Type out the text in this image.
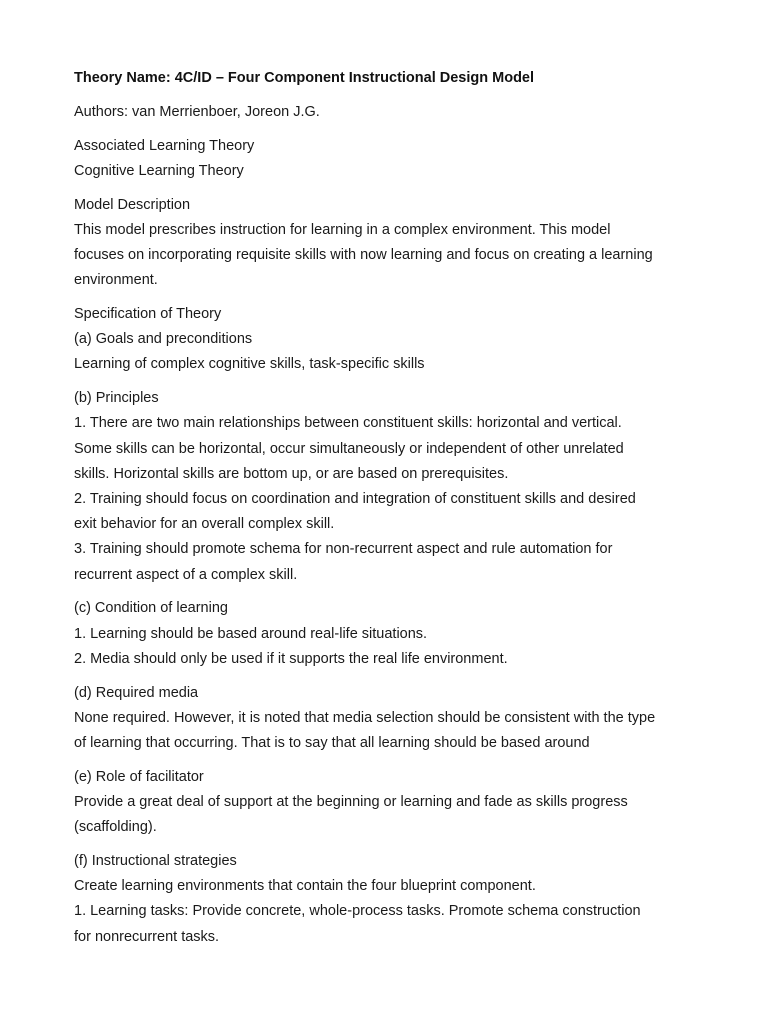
Theory Name: 4C/ID – Four Component Instructional Design Model
Authors: van Merrienboer, Joreon J.G.
Associated Learning Theory
Cognitive Learning Theory
Model Description
This model prescribes instruction for learning in a complex environment. This model
focuses on incorporating requisite skills with now learning and focus on creating a learning
environment.
Specification of Theory
(a) Goals and preconditions
Learning of complex cognitive skills, task-specific skills
(b) Principles
1. There are two main relationships between constituent skills: horizontal and vertical.
Some skills can be horizontal, occur simultaneously or independent of other unrelated
skills. Horizontal skills are bottom up, or are based on prerequisites.
2. Training should focus on coordination and integration of constituent skills and desired
exit behavior for an overall complex skill.
3. Training should promote schema for non-recurrent aspect and rule automation for
recurrent aspect of a complex skill.
(c) Condition of learning
1. Learning should be based around real-life situations.
2. Media should only be used if it supports the real life environment.
(d) Required media
None required. However, it is noted that media selection should be consistent with the type
of learning that occurring. That is to say that all learning should be based around
(e) Role of facilitator
Provide a great deal of support at the beginning or learning and fade as skills progress
(scaffolding).
(f) Instructional strategies
Create learning environments that contain the four blueprint component.
1. Learning tasks: Provide concrete, whole-process tasks. Promote schema construction
for nonrecurrent tasks.
